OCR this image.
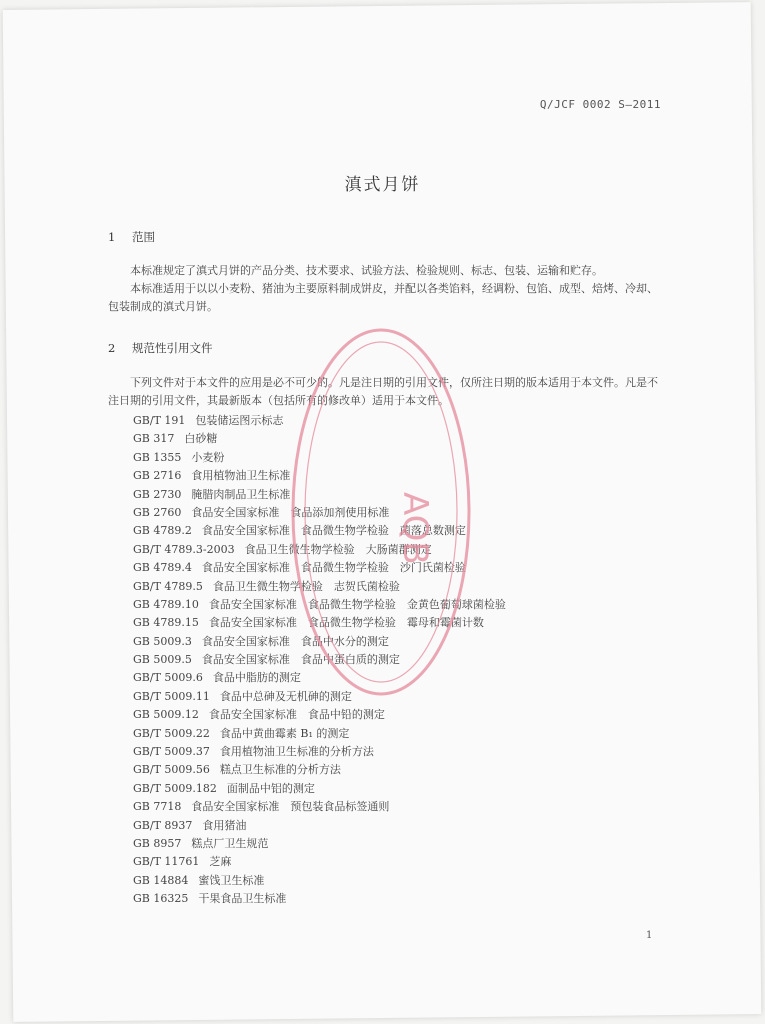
Q/JCF 0002 S—2011
滇式月饼
1 范围
本标准规定了滇式月饼的产品分类、技术要求、试验方法、检验规则、标志、包装、运输和贮存。
本标准适用于以以小麦粉、猪油为主要原料制成饼皮，并配以各类馅料，经调粉、包馅、成型、焙烤、冷却、包装制成的滇式月饼。
2 规范性引用文件
下列文件对于本文件的应用是必不可少的。凡是注日期的引用文件，仅所注日期的版本适用于本文件。凡是不注日期的引用文件，其最新版本（包括所有的修改单）适用于本文件。
GB/T 191 包装储运图示标志
GB 317 白砂糖
GB 1355 小麦粉
GB 2716 食用植物油卫生标准
GB 2730 腌腊肉制品卫生标准
GB 2760 食品安全国家标准　食品添加剂使用标准
GB 4789.2 食品安全国家标准　食品微生物学检验　菌落总数测定
GB/T 4789.3-2003 食品卫生微生物学检验　大肠菌群测定
GB 4789.4 食品安全国家标准　食品微生物学检验　沙门氏菌检验
GB/T 4789.5 食品卫生微生物学检验　志贺氏菌检验
GB 4789.10 食品安全国家标准　食品微生物学检验　金黄色葡萄球菌检验
GB 4789.15 食品安全国家标准　食品微生物学检验　霉母和霉菌计数
GB 5009.3 食品安全国家标准　食品中水分的测定
GB 5009.5 食品安全国家标准　食品中蛋白质的测定
GB/T 5009.6 食品中脂肪的测定
GB/T 5009.11 食品中总砷及无机砷的测定
GB 5009.12 食品安全国家标准　食品中铅的测定
GB/T 5009.22 食品中黄曲霉素 B₁ 的测定
GB/T 5009.37 食用植物油卫生标准的分析方法
GB/T 5009.56 糕点卫生标准的分析方法
GB/T 5009.182 面制品中铝的测定
GB 7718 食品安全国家标准　预包装食品标签通则
GB/T 8937 食用猪油
GB 8957 糕点厂卫生规范
GB/T 11761 芝麻
GB 14884 蜜饯卫生标准
GB 16325 干果食品卫生标准
1
AQB
